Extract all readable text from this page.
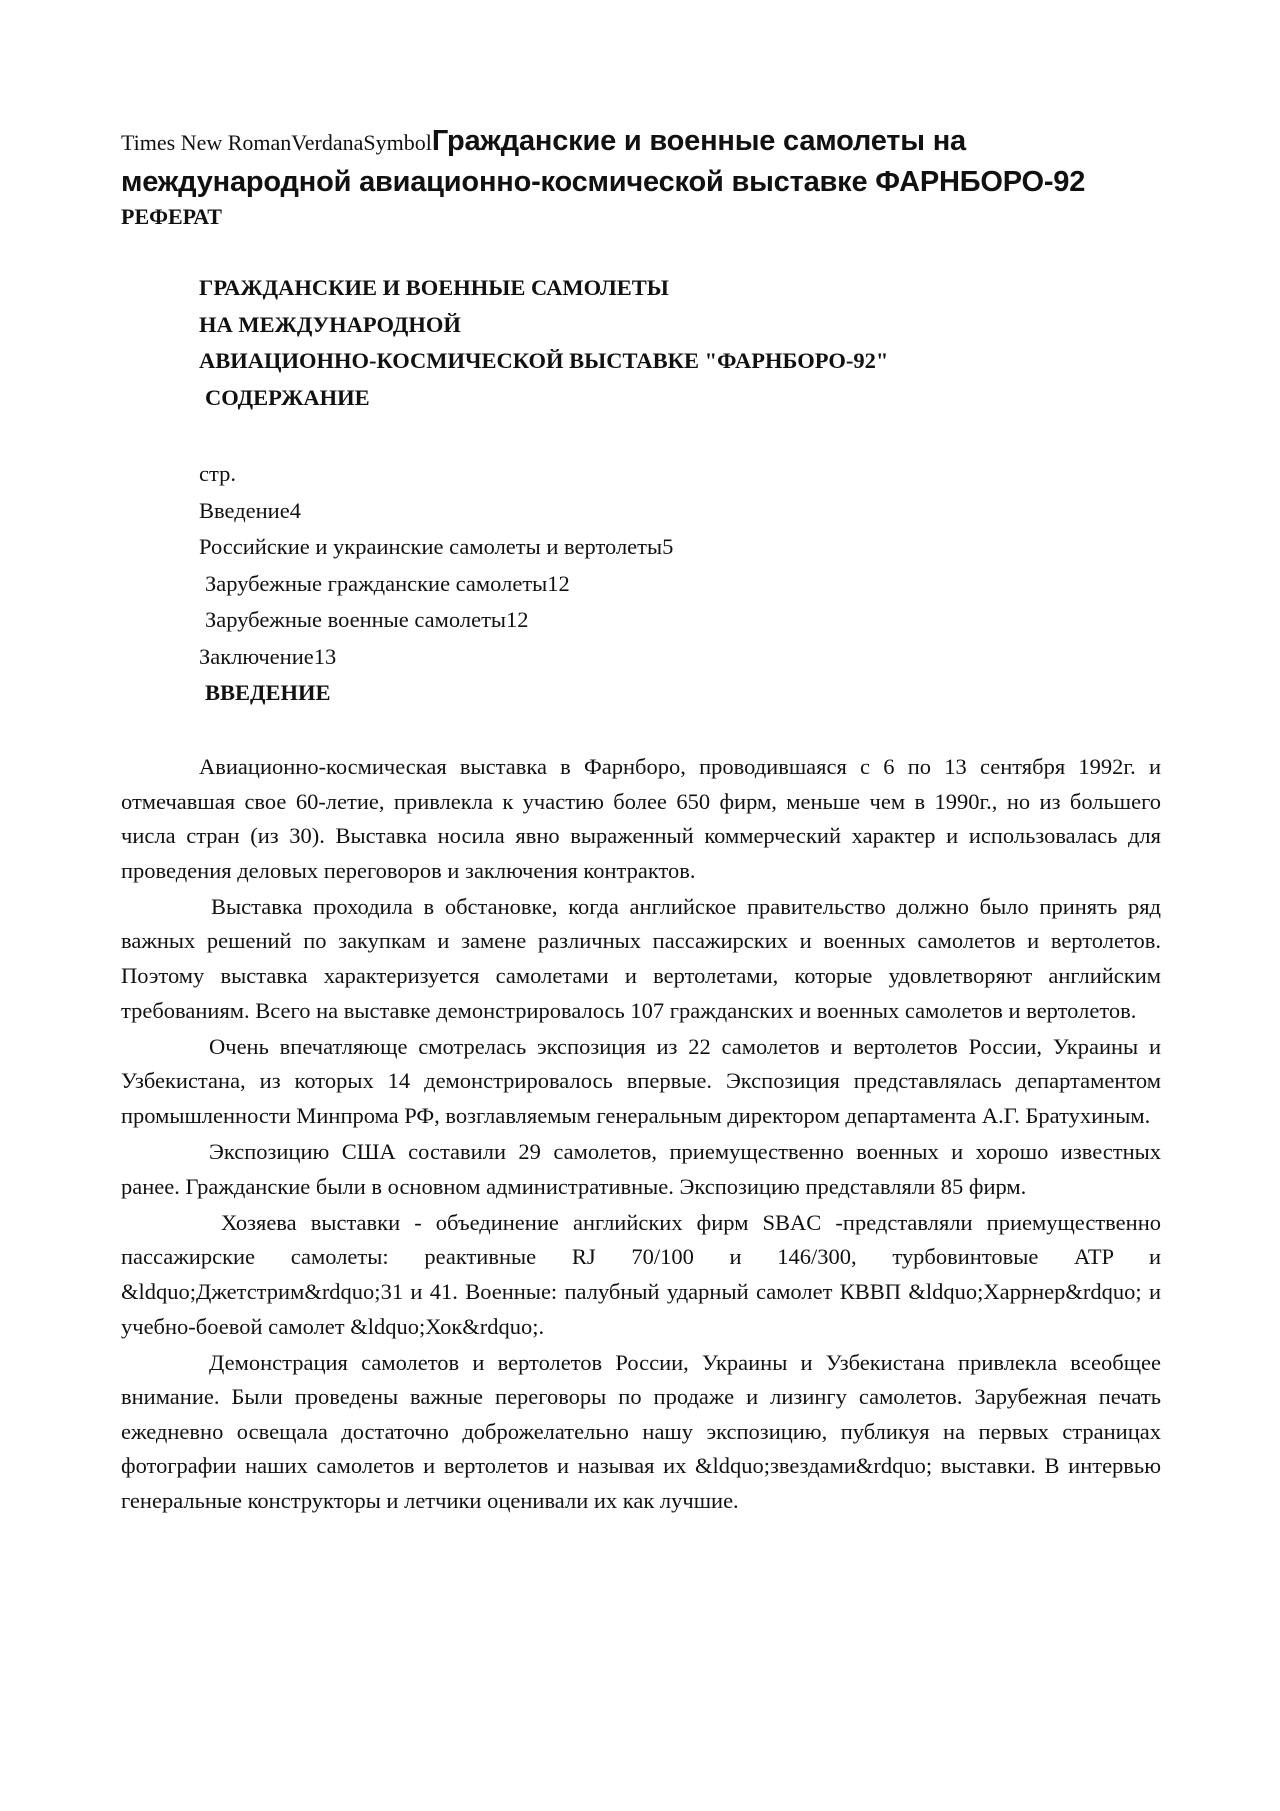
Times New RomanVerdanaSymbolГражданские и военные самолеты на
международной авиационно-космической выставке ФАРНБОРО-92
РЕФЕРАТ
ГРАЖДАНСКИЕ И ВОЕННЫЕ САМОЛЕТЫ
НА МЕЖДУНАРОДНОЙ
АВИАЦИОННО-КОСМИЧЕСКОЙ ВЫСТАВКЕ "ФАРНБОРО-92"
СОДЕРЖАНИЕ
стр.
Введение4
Российские и украинские самолеты и вертолеты5
Зарубежные гражданские самолеты12
Зарубежные военные самолеты12
Заключение13
ВВЕДЕНИЕ

Авиационно-космическая выставка в Фарнборо, проводившаяся с 6 по 13 сентября 1992г. и отмечавшая свое 60-летие, привлекла к участию более 650 фирм, меньше чем в 1990г., но из большего числа стран (из 30). Выставка носила явно выраженный коммерческий характер и использовалась для проведения деловых переговоров и заключения контрактов.

Выставка проходила в обстановке, когда английское правительство должно было принять ряд важных решений по закупкам и замене различных пассажирских и военных самолетов и вертолетов. Поэтому выставка характеризуется самолетами и вертолетами, которые удовлетворяют английским требованиям. Всего на выставке демонстрировалось 107 гражданских и военных самолетов и вертолетов.

Очень впечатляюще смотрелась экспозиция из 22 самолетов и вертолетов России, Украины и Узбекистана, из которых 14 демонстрировалось впервые. Экспозиция представлялась департаментом промышленности Минпрома РФ, возглавляемым генеральным директором департамента А.Г. Братухиным.

Экспозицию США составили 29 самолетов, приемущественно военных и хорошо известных ранее. Гражданские были в основном административные. Экспозицию представляли 85 фирм.

Хозяева выставки - объединение английских фирм SBAC -представляли приемущественно пассажирские самолеты: реактивные RJ 70/100 и 146/300, турбовинтовые ATP и &ldquo;Джетстрим&rdquo;31 и 41. Военные: палубный ударный самолет КВВП &ldquo;Харрнер&rdquo; и учебно-боевой самолет &ldquo;Хок&rdquo;.

Демонстрация самолетов и вертолетов России, Украины и Узбекистана привлекла всеобщее внимание. Были проведены важные переговоры по продаже и лизингу самолетов. Зарубежная печать ежедневно освещала достаточно доброжелательно нашу экспозицию, публикуя на первых страницах фотографии наших самолетов и вертолетов и называя их &ldquo;звездами&rdquo; выставки. В интервью генеральные конструкторы и летчики оценивали их как лучшие.
